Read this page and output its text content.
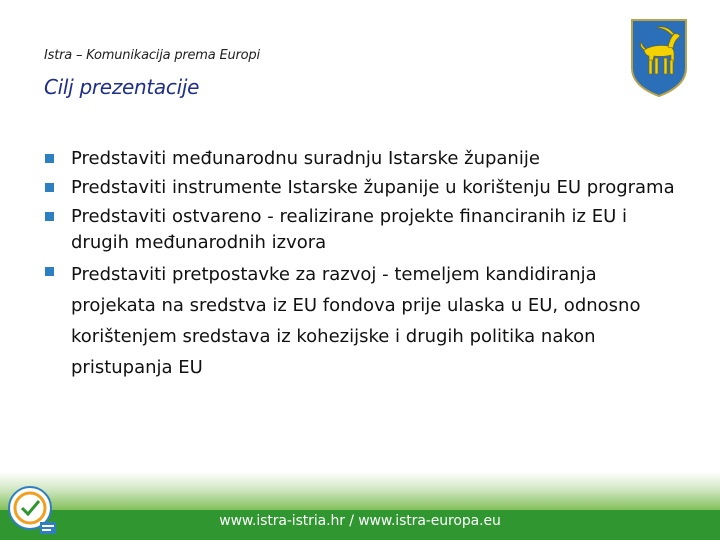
Istra – Komunikacija prema Europi
Cilj prezentacije
Predstaviti međunarodnu suradnju Istarske županije
Predstaviti instrumente Istarske županije u korištenju EU programa
Predstaviti ostvareno - realizirane projekte financiranih iz EU i drugih međunarodnih izvora
Predstaviti pretpostavke za razvoj - temeljem kandidiranja projekata na sredstva iz EU fondova prije ulaska u EU, odnosno korištenjem sredstava iz kohezijske i drugih politika nakon pristupanja EU
www.istra-istria.hr / www.istra-europa.eu
